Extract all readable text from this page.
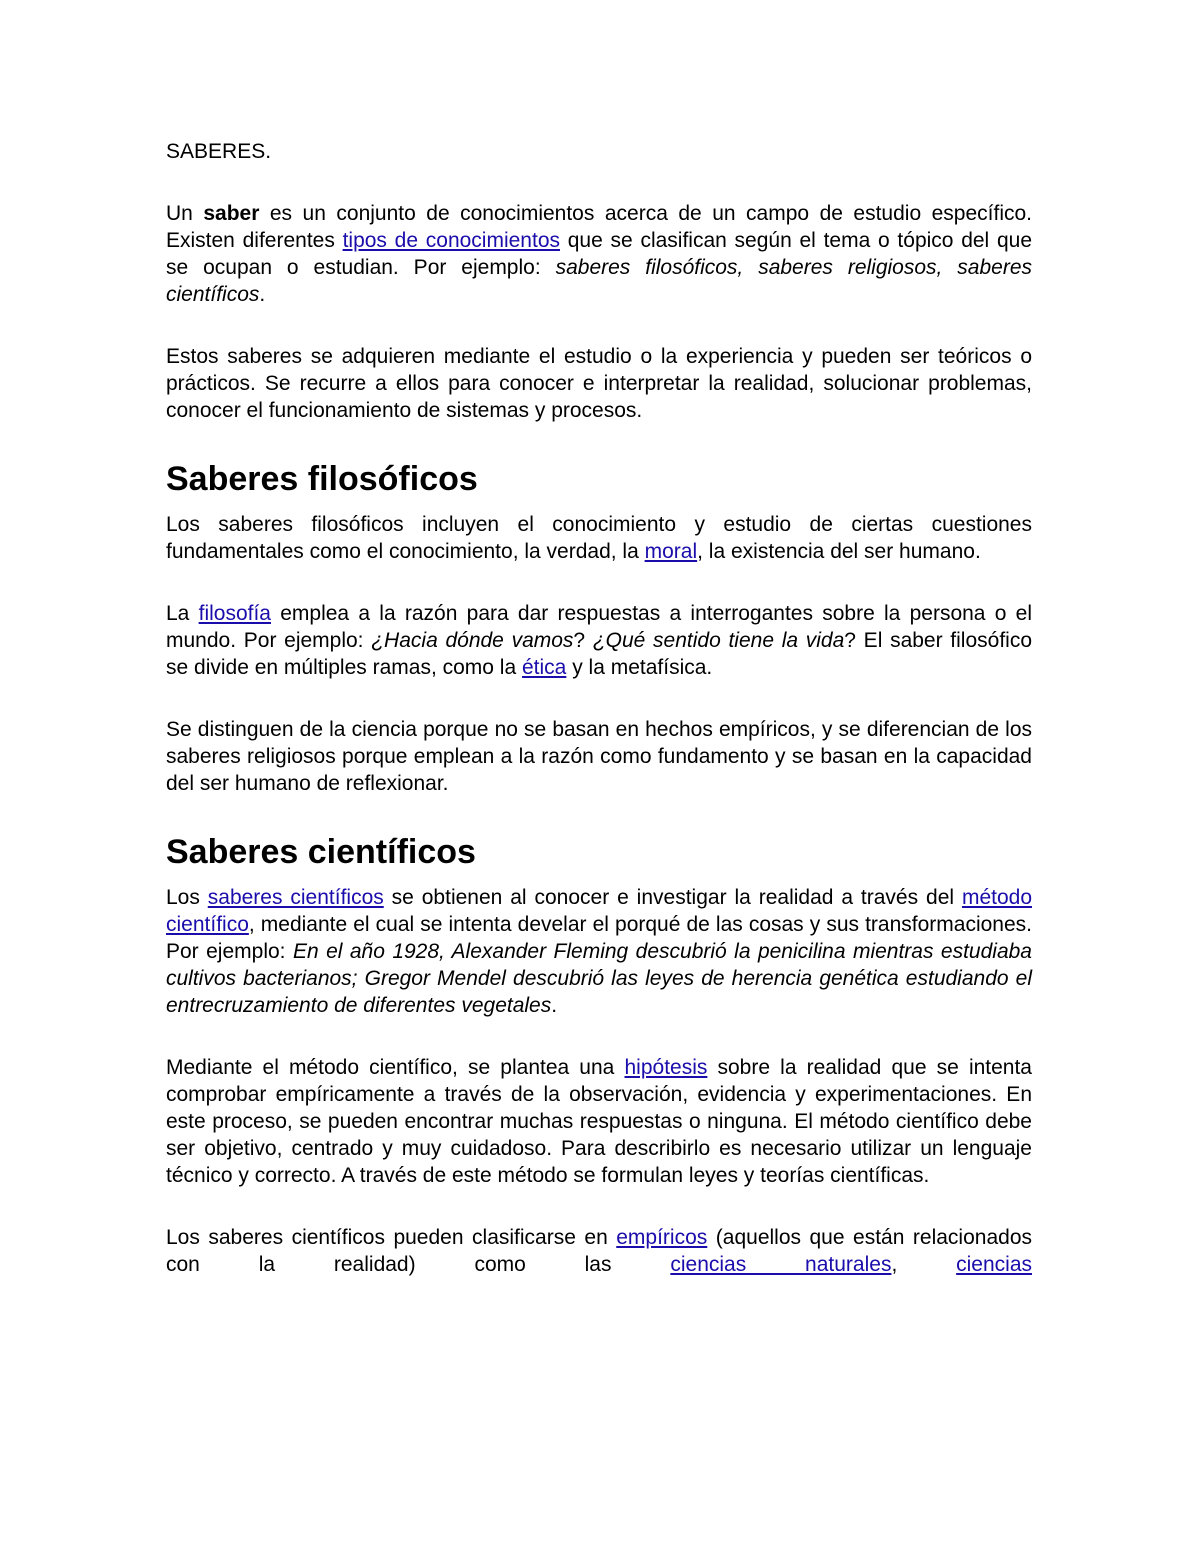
SABERES.

Un saber es un conjunto de conocimientos acerca de un campo de estudio específico. Existen diferentes tipos de conocimientos que se clasifican según el tema o tópico del que se ocupan o estudian. Por ejemplo: saberes filosóficos, saberes religiosos, saberes científicos.

Estos saberes se adquieren mediante el estudio o la experiencia y pueden ser teóricos o prácticos. Se recurre a ellos para conocer e interpretar la realidad, solucionar problemas, conocer el funcionamiento de sistemas y procesos.

Saberes filosóficos

Los saberes filosóficos incluyen el conocimiento y estudio de ciertas cuestiones fundamentales como el conocimiento, la verdad, la moral, la existencia del ser humano.

La filosofía emplea a la razón para dar respuestas a interrogantes sobre la persona o el mundo. Por ejemplo: ¿Hacia dónde vamos? ¿Qué sentido tiene la vida? El saber filosófico se divide en múltiples ramas, como la ética y la metafísica.

Se distinguen de la ciencia porque no se basan en hechos empíricos, y se diferencian de los saberes religiosos porque emplean a la razón como fundamento y se basan en la capacidad del ser humano de reflexionar.

Saberes científicos

Los saberes científicos se obtienen al conocer e investigar la realidad a través del método científico, mediante el cual se intenta develar el porqué de las cosas y sus transformaciones. Por ejemplo: En el año 1928, Alexander Fleming descubrió la penicilina mientras estudiaba cultivos bacterianos; Gregor Mendel descubrió las leyes de herencia genética estudiando el entrecruzamiento de diferentes vegetales.

Mediante el método científico, se plantea una hipótesis sobre la realidad que se intenta comprobar empíricamente a través de la observación, evidencia y experimentaciones. En este proceso, se pueden encontrar muchas respuestas o ninguna. El método científico debe ser objetivo, centrado y muy cuidadoso. Para describirlo es necesario utilizar un lenguaje técnico y correcto. A través de este método se formulan leyes y teorías científicas.

Los saberes científicos pueden clasificarse en empíricos (aquellos que están relacionados con la realidad) como las ciencias naturales, ciencias
